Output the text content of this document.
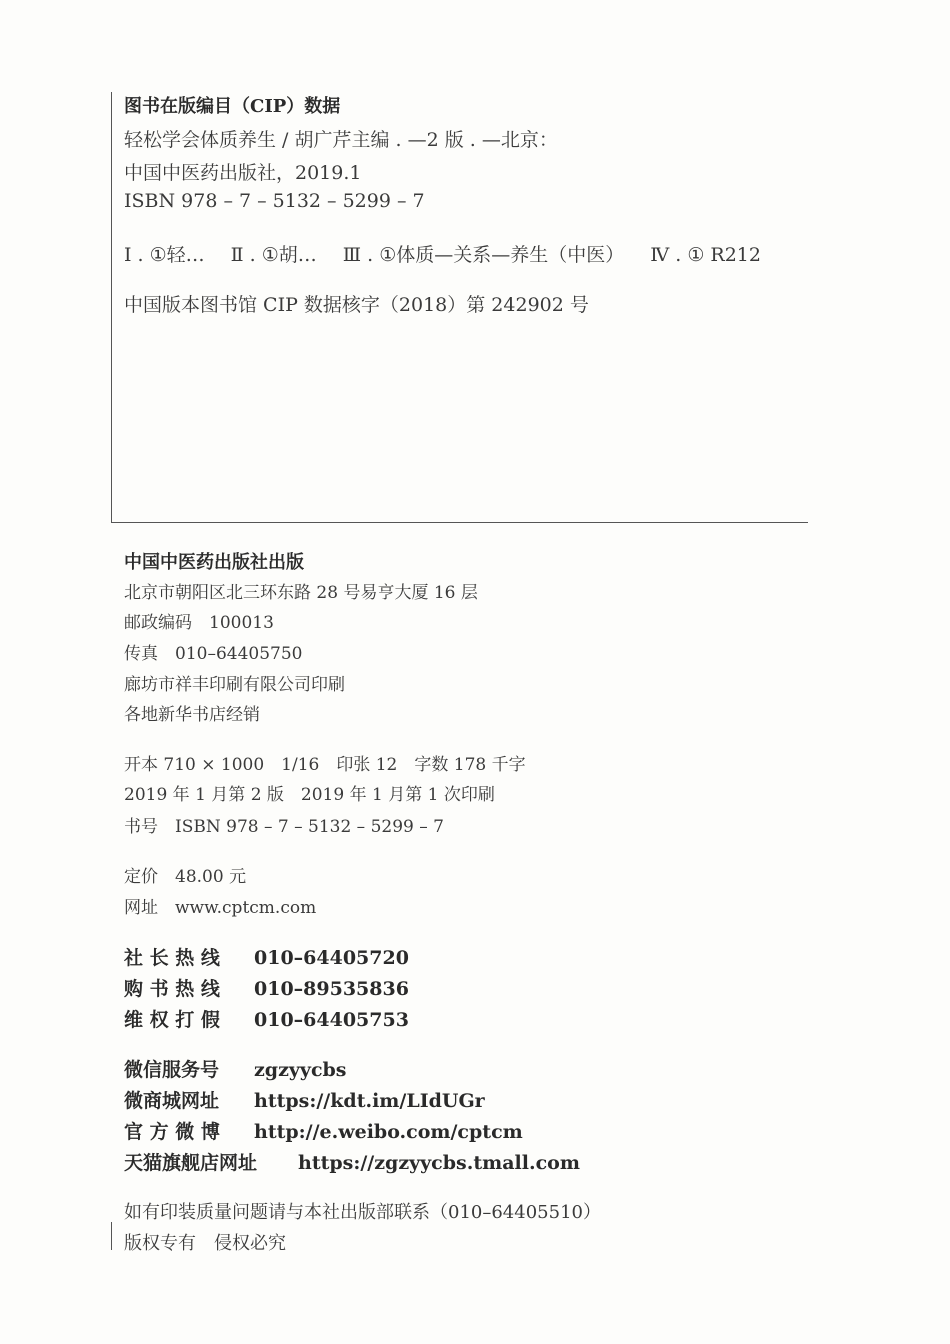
图书在版编目（CIP）数据
轻松学会体质养生 / 胡广芹主编 . —2 版 . —北京：
中国中医药出版社，2019.1
ISBN 978 – 7 – 5132 – 5299 – 7
Ⅰ . ①轻… Ⅱ . ①胡… Ⅲ . ①体质—关系—养生（中医） Ⅳ . ① R212
中国版本图书馆 CIP 数据核字（2018）第 242902 号
中国中医药出版社出版
北京市朝阳区北三环东路 28 号易亨大厦 16 层
邮政编码　100013
传真　010–64405750
廊坊市祥丰印刷有限公司印刷
各地新华书店经销
开本 710 × 1000　1/16　印张 12　字数 178 千字
2019 年 1 月第 2 版　2019 年 1 月第 1 次印刷
书号　ISBN 978 – 7 – 5132 – 5299 – 7
定价　48.00 元
网址　www.cptcm.com
社 长 热 线 010–64405720
购 书 热 线 010–89535836
维 权 打 假 010–64405753
微信服务号 zgzyycbs
微商城网址 https://kdt.im/LIdUGr
官 方 微 博 http://e.weibo.com/cptcm
天猫旗舰店网址 https://zgzyycbs.tmall.com
如有印装质量问题请与本社出版部联系（010–64405510）
版权专有　侵权必究
